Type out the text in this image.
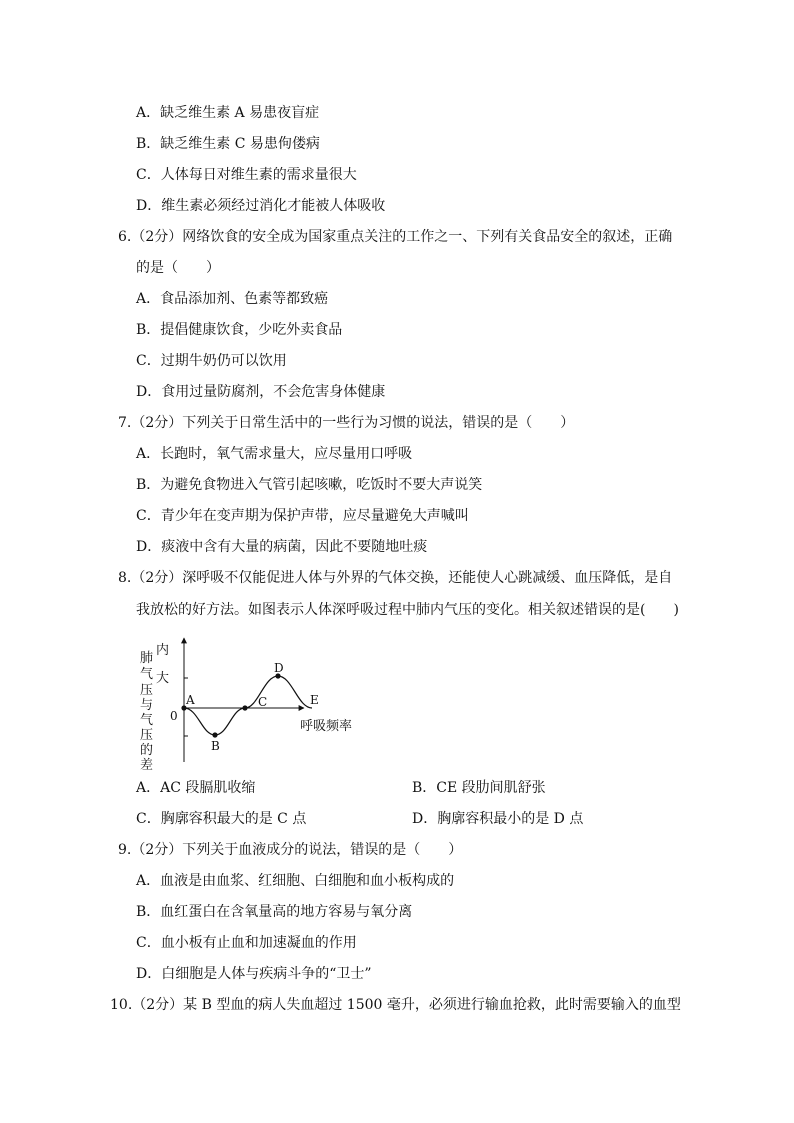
A．缺乏维生素 A 易患夜盲症
B．缺乏维生素 C 易患佝偻病
C．人体每日对维生素的需求量很大
D．维生素必须经过消化才能被人体吸收
6.（2分）网络饮食的安全成为国家重点关注的工作之一、下列有关食品安全的叙述，正确
的是（　　）
A．食品添加剂、色素等都致癌
B．提倡健康饮食，少吃外卖食品
C．过期牛奶仍可以饮用
D．食用过量防腐剂，不会危害身体健康
7.（2分）下列关于日常生活中的一些行为习惯的说法，错误的是（　　）
A．长跑时，氧气需求量大，应尽量用口呼吸
B．为避免食物进入气管引起咳嗽，吃饭时不要大声说笑
C．青少年在变声期为保护声带，应尽量避免大声喊叫
D．痰液中含有大量的病菌，因此不要随地吐痰
8.（2分）深呼吸不仅能促进人体与外界的气体交换，还能使人心跳减缓、血压降低，是自
我放松的好方法。如图表示人体深呼吸过程中肺内气压的变化。相关叙述错误的是(　　)
肺 气 压 与 气 压 的 差
内 大
0
A
B
C
D
E
呼吸频率
A．AC 段膈肌收缩	B．CE 段肋间肌舒张
C．胸廓容积最大的是 C 点	D．胸廓容积最小的是 D 点
9.（2分）下列关于血液成分的说法，错误的是（　　）
A．血液是由血浆、红细胞、白细胞和血小板构成的
B．血红蛋白在含氧量高的地方容易与氧分离
C．血小板有止血和加速凝血的作用
D．白细胞是人体与疾病斗争的“卫士”
10.（2分）某 B 型血的病人失血超过 1500 毫升，必须进行输血抢救，此时需要输入的血型
